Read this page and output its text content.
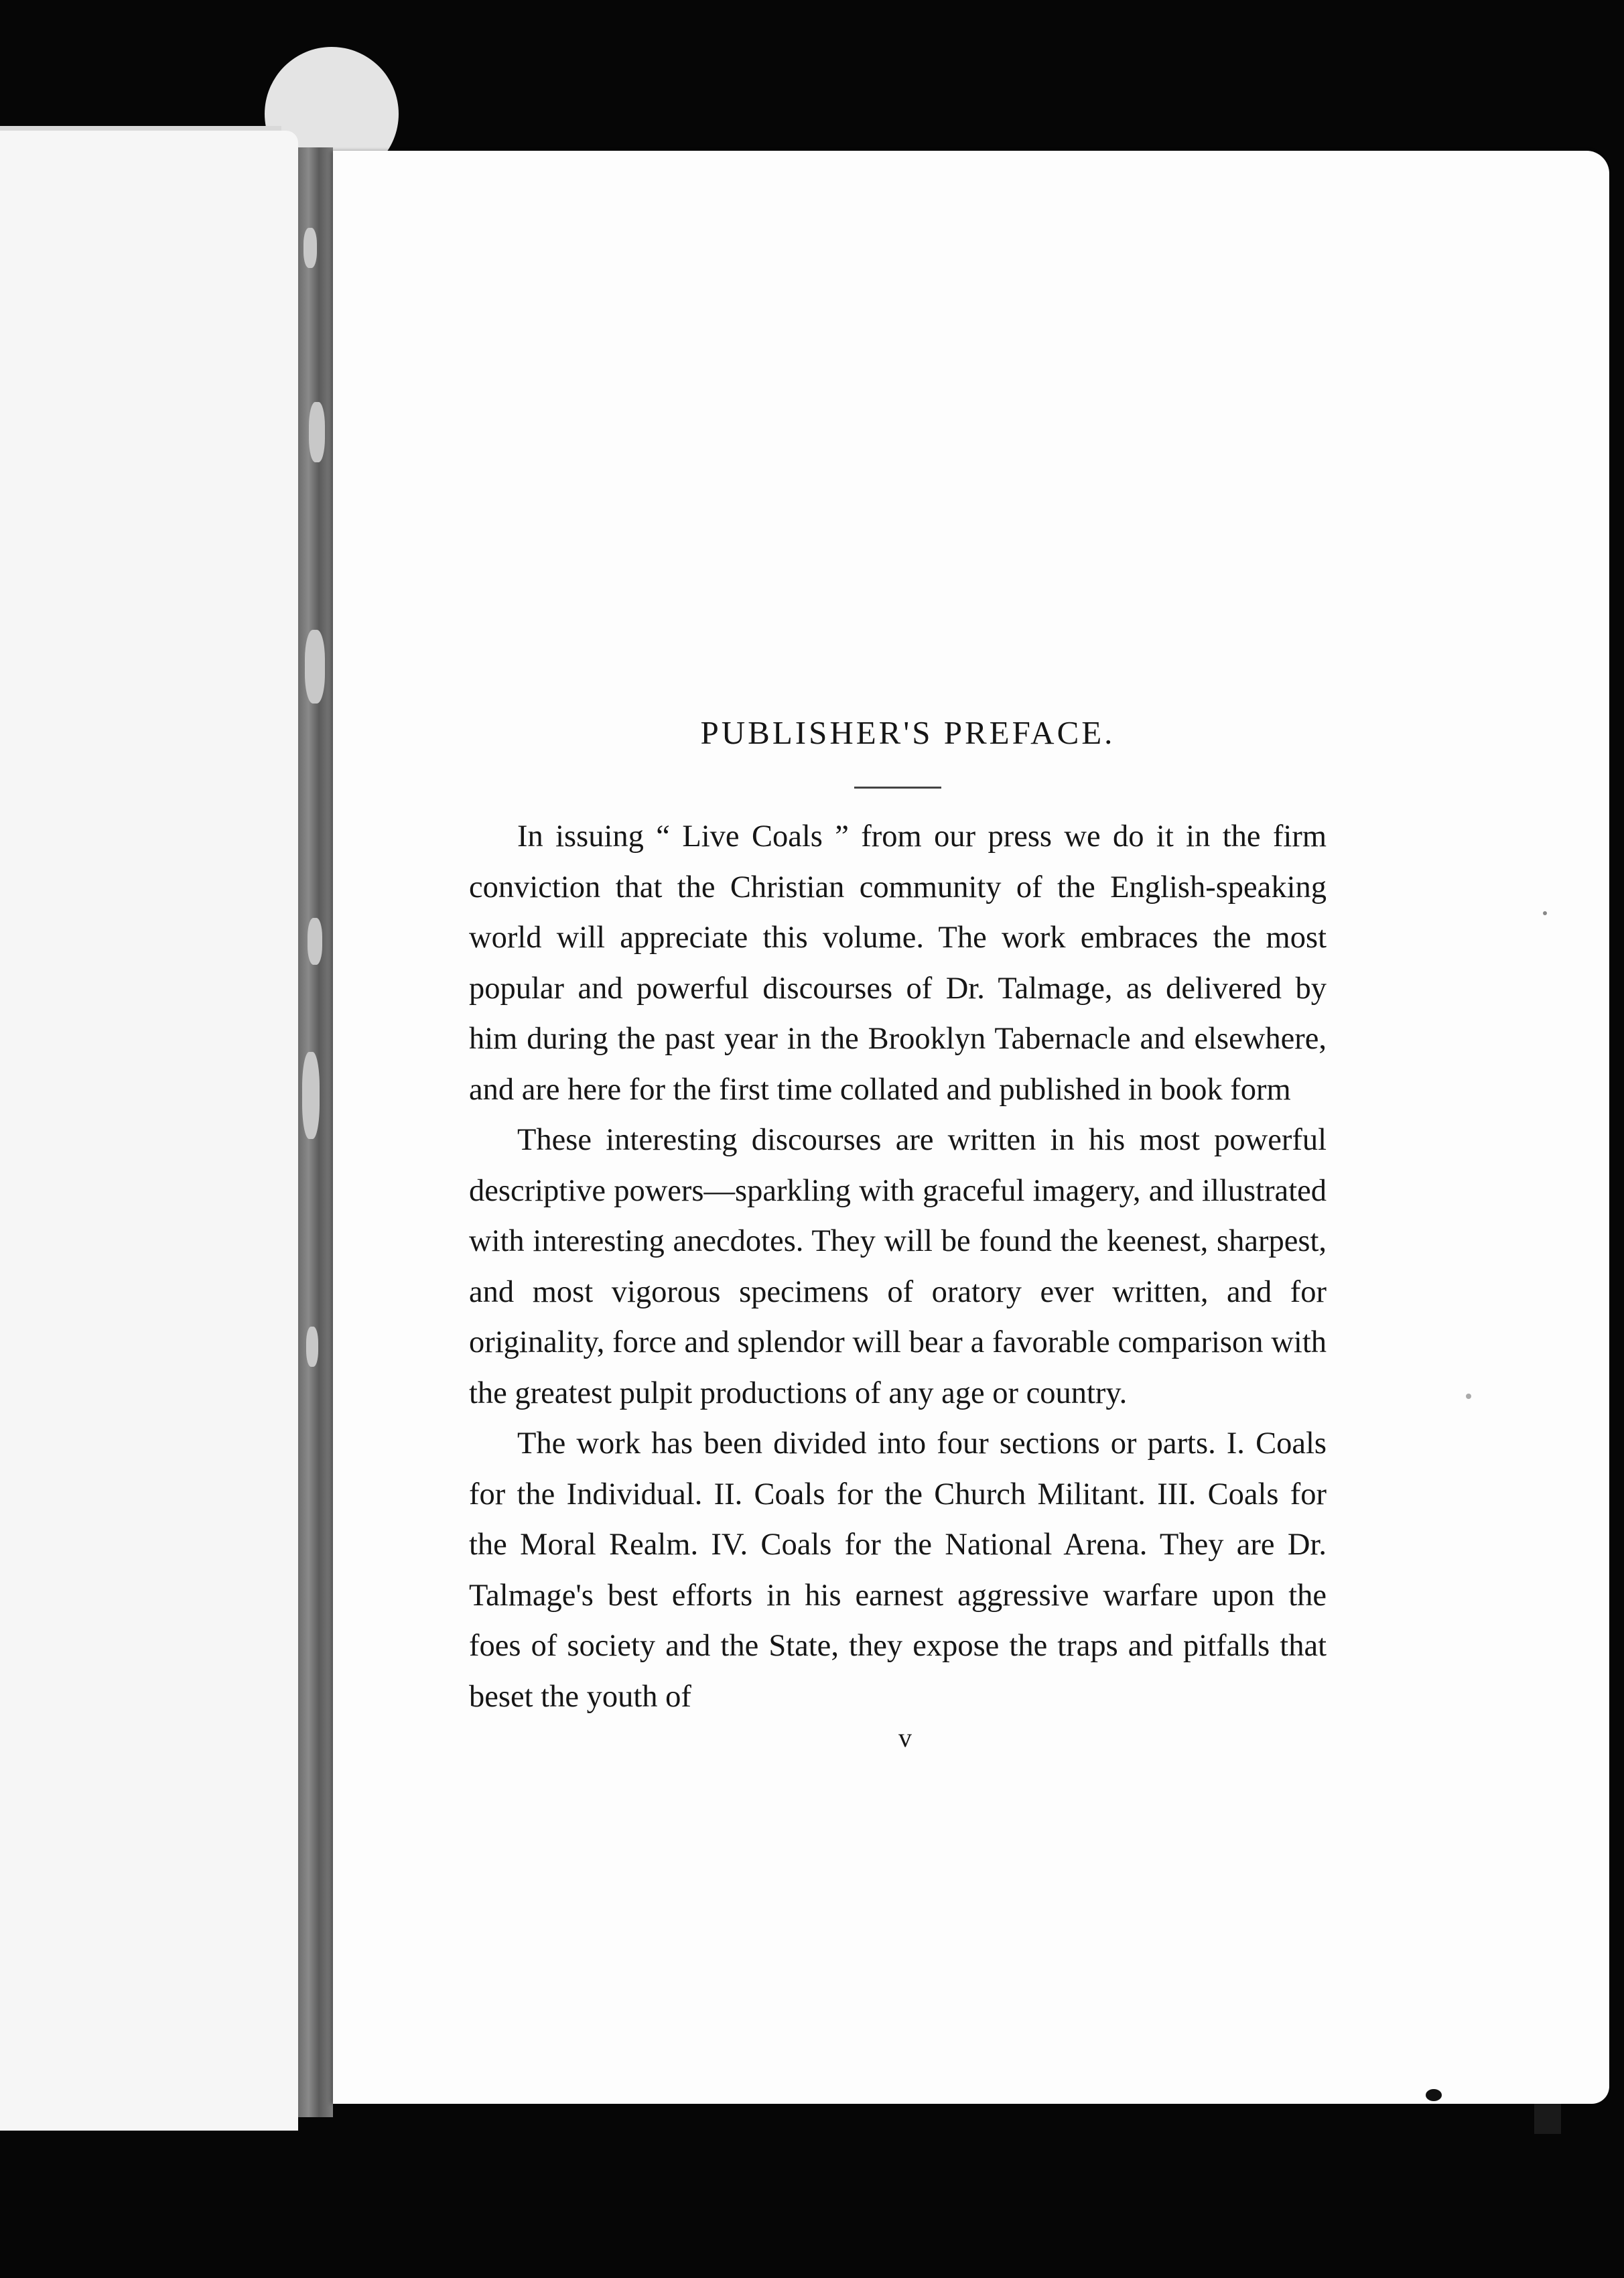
PUBLISHER'S PREFACE.

In issuing “ Live Coals ” from our press we do it in the firm conviction that the Christian community of the English-speaking world will appreciate this volume. The work embraces the most popular and powerful discourses of Dr. Talmage, as delivered by him during the past year in the Brooklyn Tabernacle and elsewhere, and are here for the first time collated and published in book form

These interesting discourses are written in his most powerful descriptive powers—sparkling with graceful imagery, and illustrated with interesting anecdotes. They will be found the keenest, sharpest, and most vigorous specimens of oratory ever written, and for originality, force and splendor will bear a favorable comparison with the greatest pulpit productions of any age or country.

The work has been divided into four sections or parts. I. Coals for the Individual. II. Coals for the Church Militant. III. Coals for the Moral Realm. IV. Coals for the National Arena. They are Dr. Talmage's best efforts in his earnest aggressive warfare upon the foes of society and the State, they expose the traps and pitfalls that beset the youth of

v
